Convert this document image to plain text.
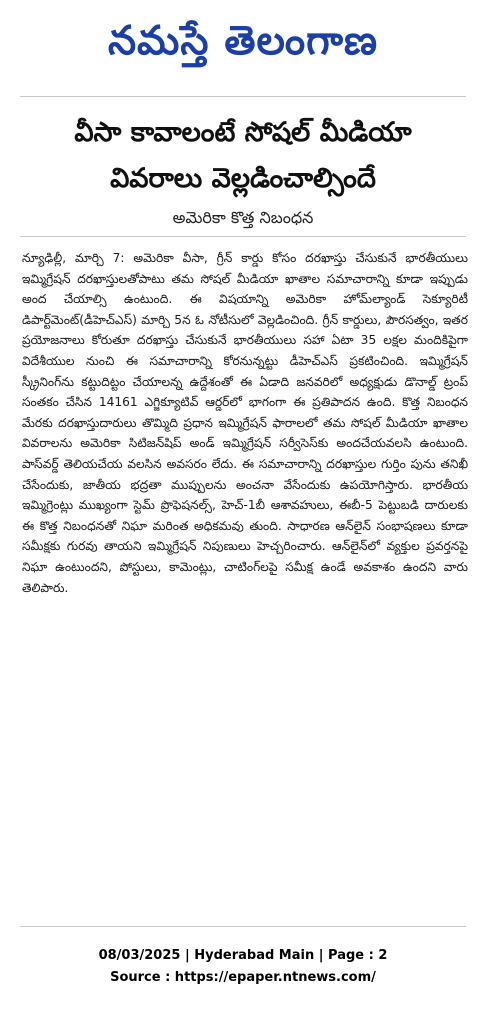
నమస్తే తెలంగాణ
వీసా కావాలంటే సోషల్ మీడియా
వివరాలు వెల్లడించాల్సిందే
అమెరికా కొత్త నిబంధన
న్యూఢిల్లీ, మార్చి 7: అమెరికా వీసా, గ్రీన్ కార్డు కోసం దరఖాస్తు చేసుకునే భారతీయులు ఇమ్మిగ్రేషన్ దరఖాస్తులతోపాటు తమ సోషల్ మీడియా ఖాతాల సమాచారాన్ని కూడా ఇప్పుడు అంద చేయాల్సి ఉంటుంది. ఈ విషయాన్ని అమెరికా హోమ్‌ల్యాండ్ సెక్యూరిటీ డిపార్ట్‌మెంట్(డీహెచ్‌ఎస్) మార్చి 5న ఓ నోటీసులో వెల్లడించింది. గ్రీన్ కార్డులు, పౌరసత్వం, ఇతర ప్రయోజనాలు కోరుతూ దరఖాస్తు చేసుకునే భారతీయులు సహా ఏటా 35 లక్షల మందికిపైగా విదేశీయుల నుంచి ఈ సమాచారాన్ని కోరనున్నట్టు డీహెచ్‌ఎస్ ప్రకటించింది. ఇమ్మిగ్రేషన్ స్క్రీనింగ్‌ను కట్టుదిట్టం చేయాలన్న ఉద్దేశంతో ఈ ఏడాది జనవరిలో అధ్యక్షుడు డొనాల్డ్ ట్రంప్ సంతకం చేసిన 14161 ఎగ్జిక్యూటివ్ ఆర్డర్‌లో భాగంగా ఈ ప్రతిపాదన ఉంది. కొత్త నిబంధన మేరకు దరఖాస్తుదారులు తొమ్మిది ప్రధాన ఇమ్మిగ్రేషన్ ఫారాలలో తమ సోషల్ మీడియా ఖాతాల వివరాలను అమెరికా సిటిజన్‌షిప్ అండ్ ఇమ్మిగ్రేషన్ సర్వీసెస్‌కు అందచేయవలసి ఉంటుంది. పాస్‌వర్డ్ తెలియచేయ వలసిన అవసరం లేదు. ఈ సమాచారాన్ని దరఖాస్తుల గుర్తిం పును తనిఖీ చేసేందుకు, జాతీయ భద్రతా ముప్పులను అంచనా వేసేందుకు ఉపయోగిస్తారు. భారతీయ ఇమ్మిగ్రెంట్లు ముఖ్యంగా స్టెమ్ ప్రొఫెషనల్స్, హెచ్-1బీ ఆశావహులు, ఈబీ-5 పెట్టుబడి దారులకు ఈ కొత్త నిబంధనతో నిఘా మరింత అధికమవు తుంది. సాధారణ ఆన్‌లైన్ సంభాషణలు కూడా సమీక్షకు గురవు తాయని ఇమ్మిగ్రేషన్ నిపుణులు హెచ్చరించారు. ఆన్‌లైన్‌లో వ్యక్తుల ప్రవర్తనపై నిఘా ఉంటుందని, పోస్టులు, కామెంట్లు, చాటింగ్‌లపై సమీక్ష ఉండే అవకాశం ఉందని వారు తెలిపారు.
08/03/2025 | Hyderabad Main | Page : 2
Source : https://epaper.ntnews.com/
